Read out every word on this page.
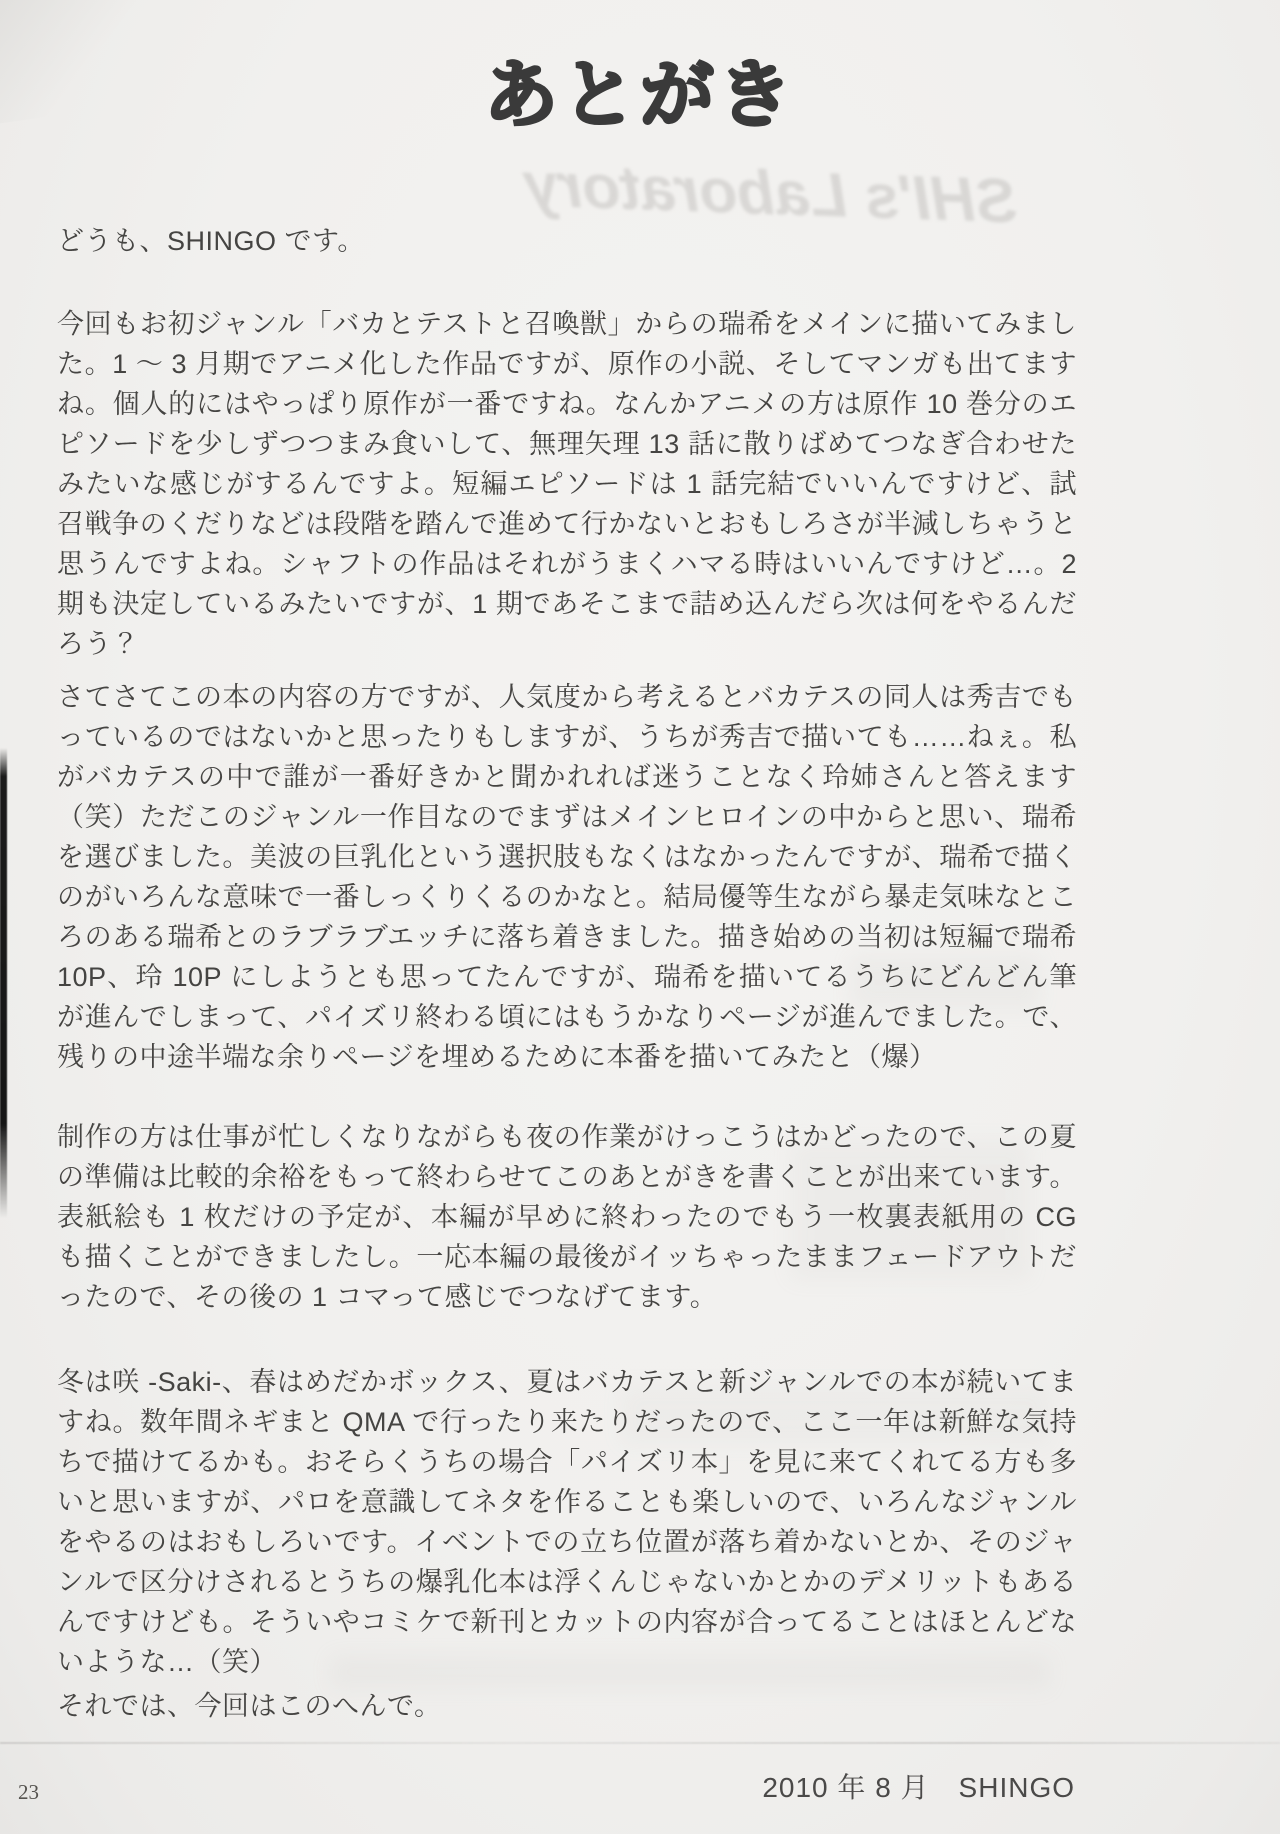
SHI's Laboratory
あとがき
どうも、SHINGO です。
今回もお初ジャンル「バカとテストと召喚獣」からの瑞希をメインに描いてみました。1 ～ 3 月期でアニメ化した作品ですが、原作の小説、そしてマンガも出てますね。個人的にはやっぱり原作が一番ですね。なんかアニメの方は原作 10 巻分のエピソードを少しずつつまみ食いして、無理矢理 13 話に散りばめてつなぎ合わせたみたいな感じがするんですよ。短編エピソードは 1 話完結でいいんですけど、試召戦争のくだりなどは段階を踏んで進めて行かないとおもしろさが半減しちゃうと思うんですよね。シャフトの作品はそれがうまくハマる時はいいんですけど…。2 期も決定しているみたいですが、1 期であそこまで詰め込んだら次は何をやるんだろう？
さてさてこの本の内容の方ですが、人気度から考えるとバカテスの同人は秀吉でもっているのではないかと思ったりもしますが、うちが秀吉で描いても……ねぇ。私がバカテスの中で誰が一番好きかと聞かれれば迷うことなく玲姉さんと答えます（笑）ただこのジャンル一作目なのでまずはメインヒロインの中からと思い、瑞希を選びました。美波の巨乳化という選択肢もなくはなかったんですが、瑞希で描くのがいろんな意味で一番しっくりくるのかなと。結局優等生ながら暴走気味なところのある瑞希とのラブラブエッチに落ち着きました。描き始めの当初は短編で瑞希 10P、玲 10P にしようとも思ってたんですが、瑞希を描いてるうちにどんどん筆が進んでしまって、パイズリ終わる頃にはもうかなりページが進んでました。で、残りの中途半端な余りページを埋めるために本番を描いてみたと（爆）
制作の方は仕事が忙しくなりながらも夜の作業がけっこうはかどったので、この夏の準備は比較的余裕をもって終わらせてこのあとがきを書くことが出来ています。表紙絵も 1 枚だけの予定が、本編が早めに終わったのでもう一枚裏表紙用の CG も描くことができましたし。一応本編の最後がイッちゃったままフェードアウトだったので、その後の 1 コマって感じでつなげてます。
冬は咲 -Saki-、春はめだかボックス、夏はバカテスと新ジャンルでの本が続いてますね。数年間ネギまと QMA で行ったり来たりだったので、ここ一年は新鮮な気持ちで描けてるかも。おそらくうちの場合「パイズリ本」を見に来てくれてる方も多いと思いますが、パロを意識してネタを作ることも楽しいので、いろんなジャンルをやるのはおもしろいです。イベントでの立ち位置が落ち着かないとか、そのジャンルで区分けされるとうちの爆乳化本は浮くんじゃないかとかのデメリットもあるんですけども。そういやコミケで新刊とカットの内容が合ってることはほとんどないような…（笑）
それでは、今回はこのへんで。
2010 年 8 月　SHINGO
23
